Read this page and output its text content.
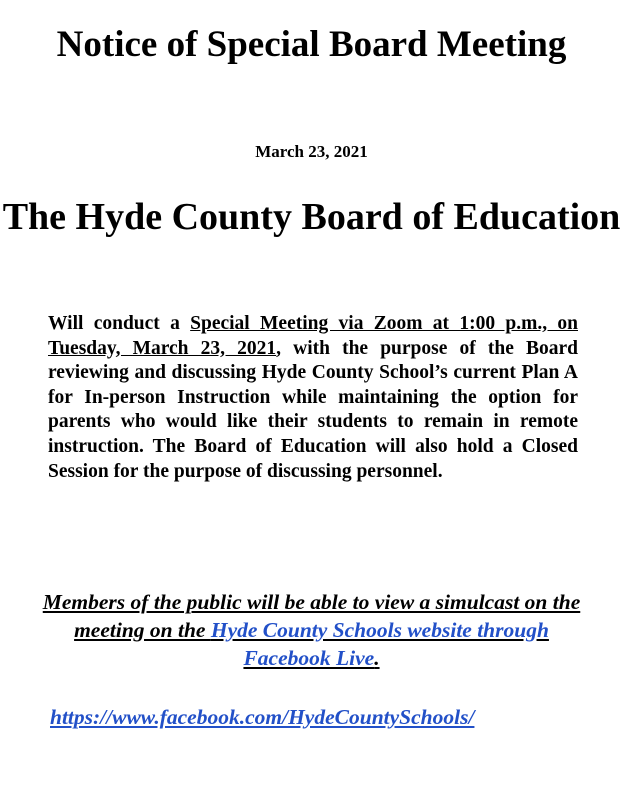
Notice of Special Board Meeting
March 23, 2021
The Hyde County Board of Education

Will conduct a Special Meeting via Zoom at 1:00 p.m., on Tuesday, March 23, 2021, with the purpose of the Board reviewing and discussing Hyde County School’s current Plan A for In-person Instruction while maintaining the option for parents who would like their students to remain in remote instruction. The Board of Education will also hold a Closed Session for the purpose of discussing personnel.

Members of the public will be able to view a simulcast on the meeting on the Hyde County Schools website through Facebook Live.

https://www.facebook.com/HydeCountySchools/
